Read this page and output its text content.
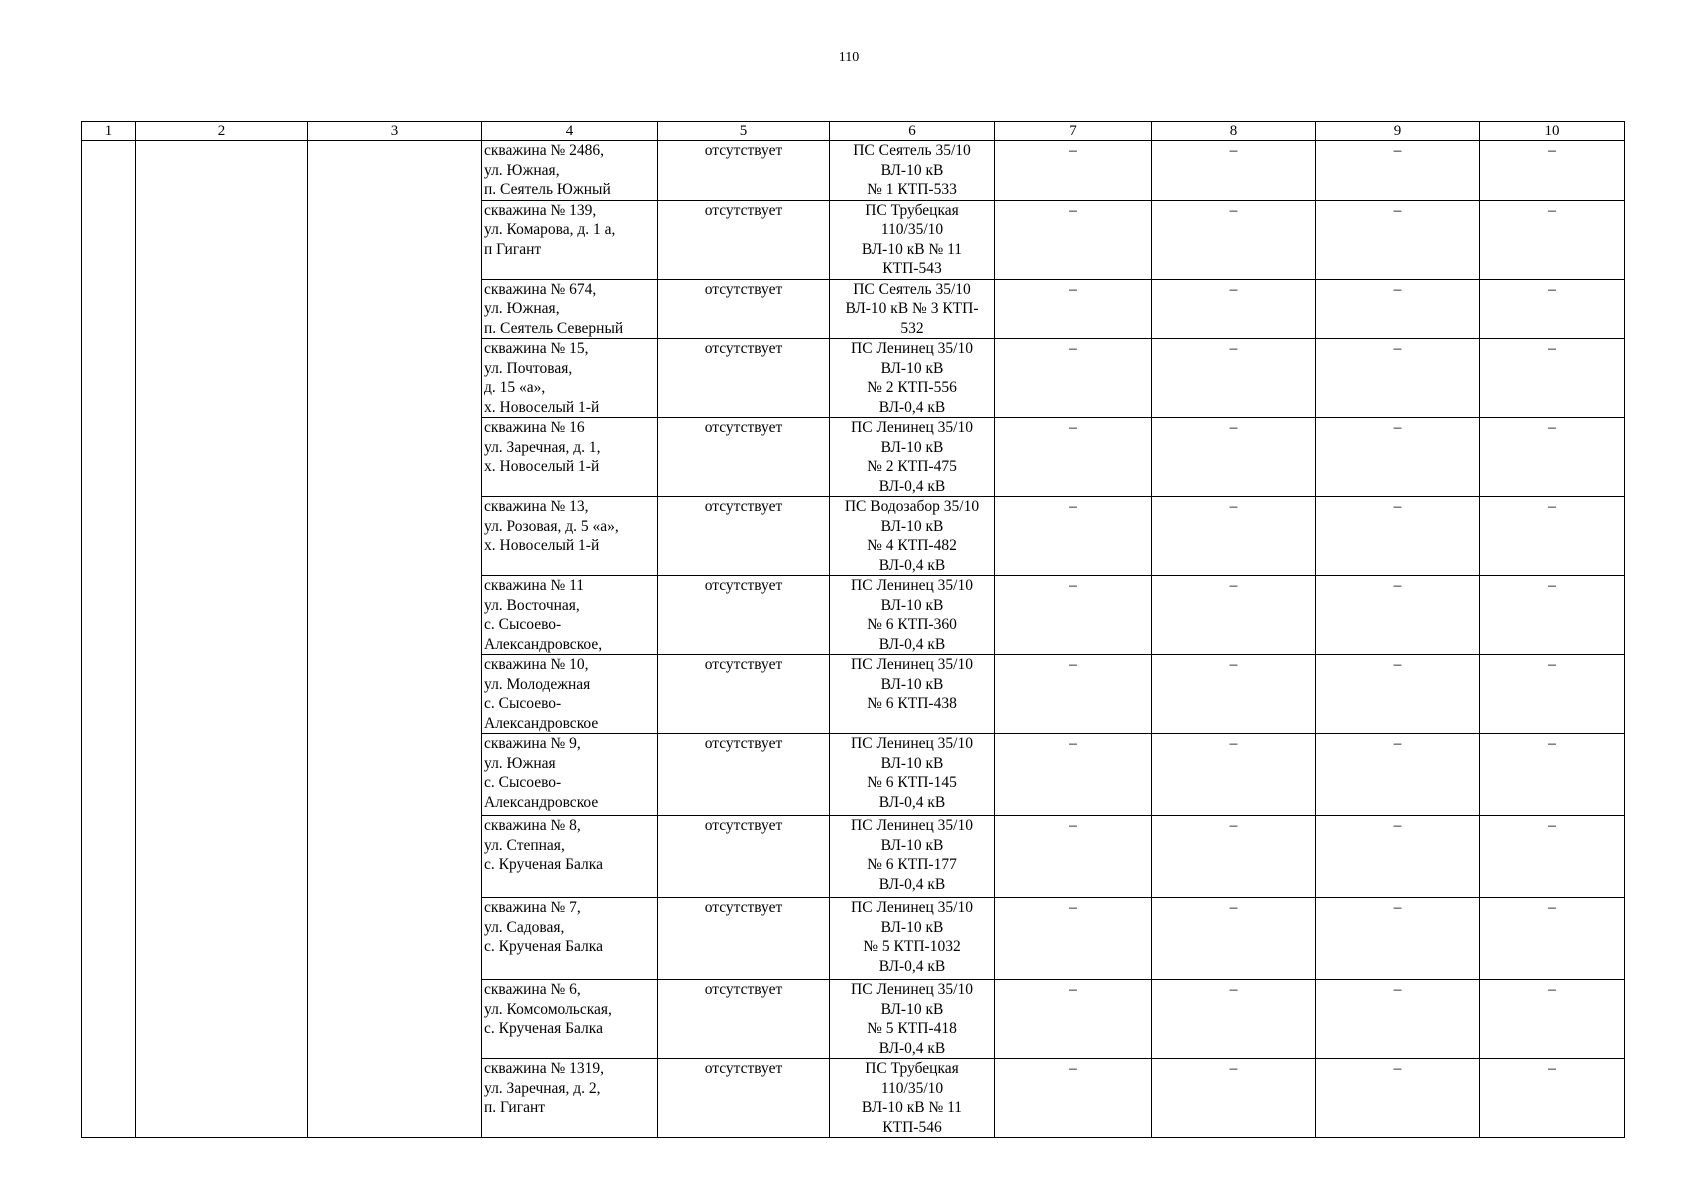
110
1	2	3	4	5	6	7	8	9	10

			скважина № 2486,
ул. Южная,
п. Сеятель Южный	отсутствует	ПС Сеятель 35/10
ВЛ-10 кВ
№ 1 КТП-533	–	–	–	–

			скважина № 139,
ул. Комарова, д. 1 а,
п Гигант	отсутствует	ПС Трубецкая
110/35/10
ВЛ-10 кВ № 11
КТП-543	–	–	–	–

			скважина № 674,
ул. Южная,
п. Сеятель Северный	отсутствует	ПС Сеятель 35/10
ВЛ-10 кВ № 3 КТП-
532	–	–	–	–

			скважина № 15,
ул. Почтовая,
д. 15 «а»,
х. Новоселый 1-й	отсутствует	ПС Ленинец 35/10
ВЛ-10 кВ
№ 2 КТП-556
ВЛ-0,4 кВ	–	–	–	–

			скважина № 16
ул. Заречная, д. 1,
х. Новоселый 1-й	отсутствует	ПС Ленинец 35/10
ВЛ-10 кВ
№ 2 КТП-475
ВЛ-0,4 кВ	–	–	–	–

			скважина № 13,
ул. Розовая, д. 5 «а»,
х. Новоселый 1-й	отсутствует	ПС Водозабор 35/10
ВЛ-10 кВ
№ 4 КТП-482
ВЛ-0,4 кВ	–	–	–	–

			скважина № 11
ул. Восточная,
с. Сысоево-
Александровское,	отсутствует	ПС Ленинец 35/10
ВЛ-10 кВ
№ 6 КТП-360
ВЛ-0,4 кВ	–	–	–	–

			скважина № 10,
ул. Молодежная
с. Сысоево-
Александровское	отсутствует	ПС Ленинец 35/10
ВЛ-10 кВ
№ 6 КТП-438	–	–	–	–

			скважина № 9,
ул. Южная
с. Сысоево-
Александровское	отсутствует	ПС Ленинец 35/10
ВЛ-10 кВ
№ 6 КТП-145
ВЛ-0,4 кВ	–	–	–	–

			скважина № 8,
ул. Степная,
с. Крученая Балка	отсутствует	ПС Ленинец 35/10
ВЛ-10 кВ
№ 6 КТП-177
ВЛ-0,4 кВ	–	–	–	–

			скважина № 7,
ул. Садовая,
с. Крученая Балка	отсутствует	ПС Ленинец 35/10
ВЛ-10 кВ
№ 5 КТП-1032
ВЛ-0,4 кВ	–	–	–	–

			скважина № 6,
ул. Комсомольская,
с. Крученая Балка	отсутствует	ПС Ленинец 35/10
ВЛ-10 кВ
№ 5 КТП-418
ВЛ-0,4 кВ	–	–	–	–

			скважина № 1319,
ул. Заречная, д. 2,
п. Гигант	отсутствует	ПС Трубецкая
110/35/10
ВЛ-10 кВ № 11
КТП-546	–	–	–	–
